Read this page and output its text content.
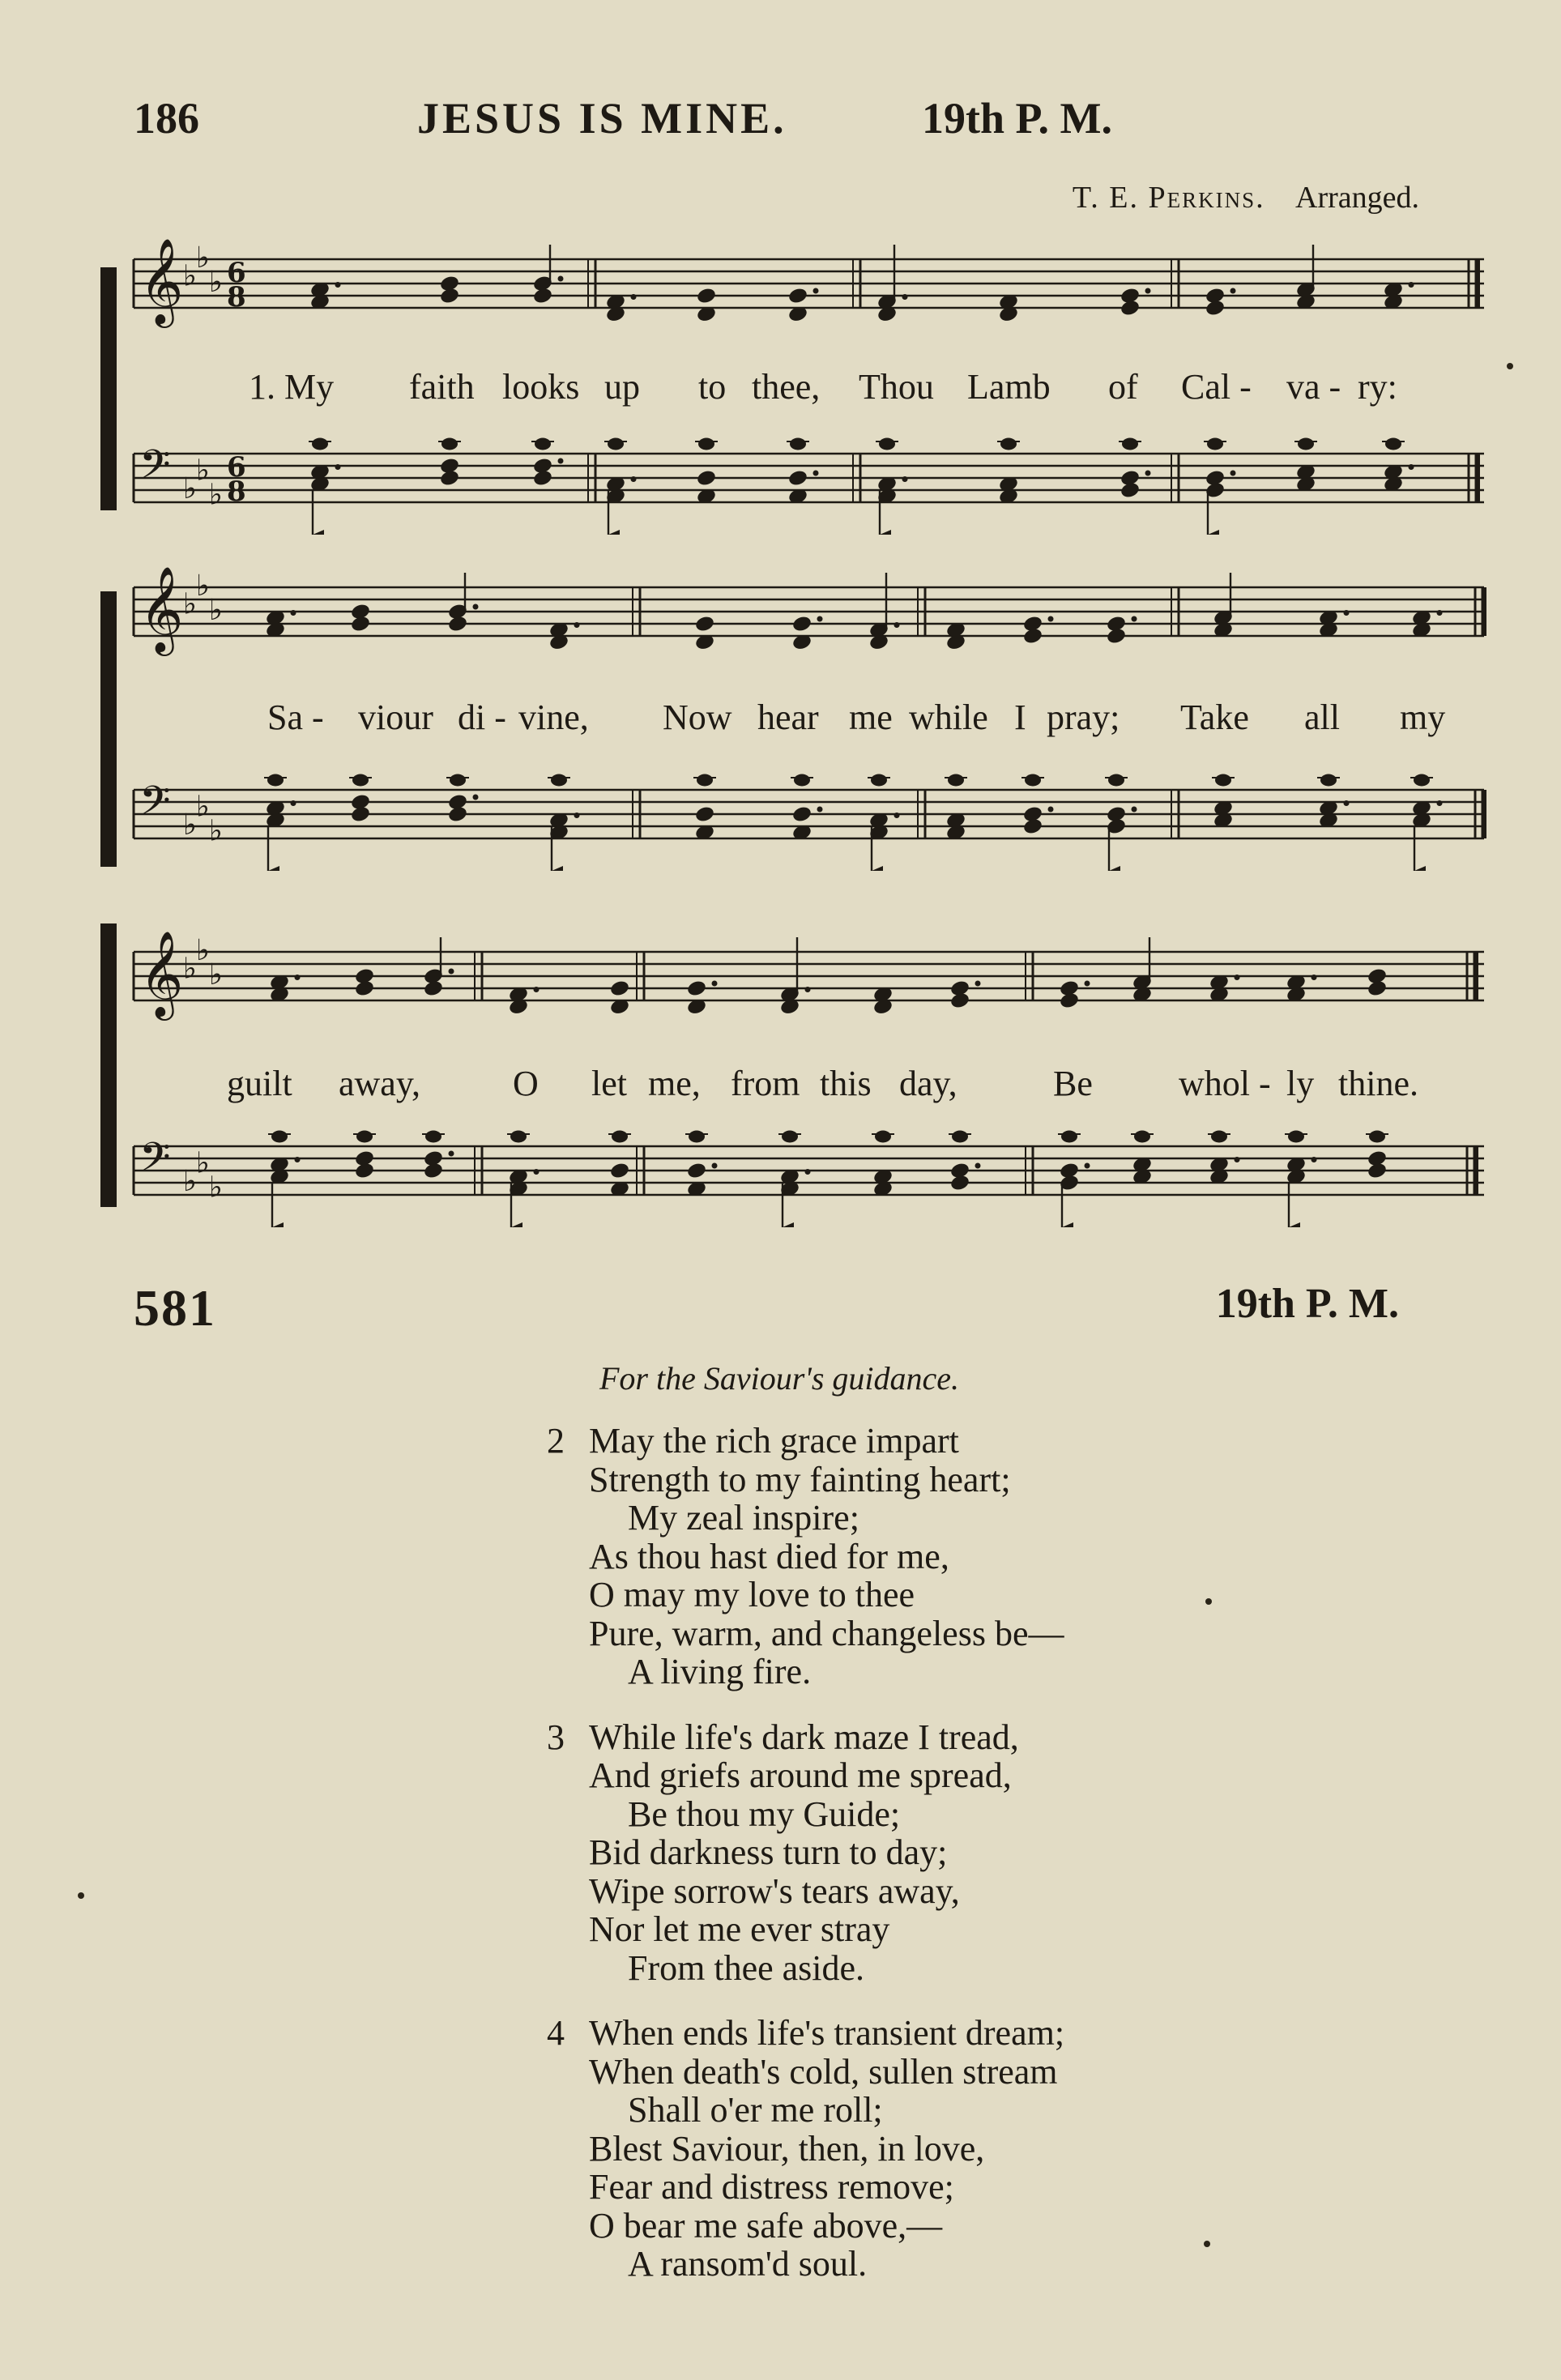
186	JESUS IS MINE.	19th P. M.
T. E. Perkins. Arranged.
𝄞 ♭
♭
♭ 6
8
𝄢 ♭
♭
♭
6
8
𝄞 ♭
♭
♭
𝄢 ♭
♭
♭
𝄞 ♭
♭
♭
𝄢 ♭
♭
♭
1. My faith looks up to thee, Thou Lamb of Cal - va - ry:
Sa - viour di - vine, Now hear me while I pray; Take all my
guilt away,	O let me, from this day,	Be whol - ly thine.
581	19th P. M.
For the Saviour's guidance.
2 May the rich grace impart
Strength to my fainting heart;
My zeal inspire;
As thou hast died for me,
O may my love to thee
Pure, warm, and changeless be—
A living fire.
3 While life's dark maze I tread,
And griefs around me spread,
Be thou my Guide;
Bid darkness turn to day;
Wipe sorrow's tears away,
Nor let me ever stray
From thee aside.
4 When ends life's transient dream;
When death's cold, sullen stream
Shall o'er me roll;
Blest Saviour, then, in love,
Fear and distress remove;
O bear me safe above,—
A ransom'd soul.
